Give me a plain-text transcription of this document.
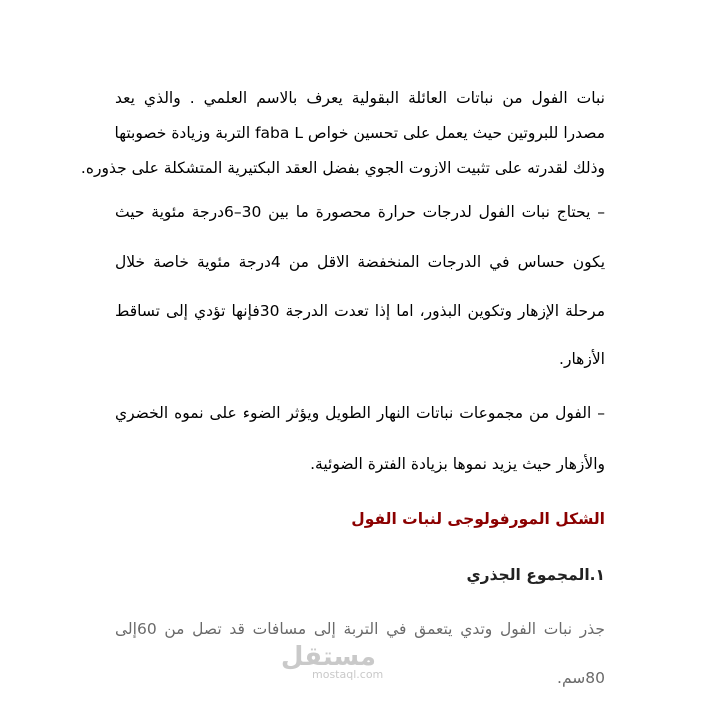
نبات الفول من نباتات العائلة البقولية يعرف بالاسم العلمي . والذي يعد
مصدرا للبروتين حيث يعمل على تحسين خواص faba L التربة وزيادة خصوبتها
وذلك لقدرته على تثبيت الازوت الجوي بفضل العقد البكتيرية المتشكلة على جذوره.
– يحتاج نبات الفول لدرجات حرارة محصورة ما بين 30–6درجة مئوية حيث
يكون حساس في الدرجات المنخفضة الاقل من 4درجة مئوية خاصة خلال
مرحلة الإزهار وتكوين البذور، اما إذا تعدت الدرجة 30فإنها تؤدي إلى تساقط
الأزهار.
– الفول من مجموعات نباتات النهار الطويل ويؤثر الضوء على نموه الخضري
والأزهار حيث يزيد نموها بزيادة الفترة الضوئية.
الشكل المورفولوجى لنبات الفول
١.المجموع الجذري
جذر نبات الفول وتدي يتعمق في التربة إلى مسافات قد تصل من 60إلى
80سم.
مستقل
mostaql.com
